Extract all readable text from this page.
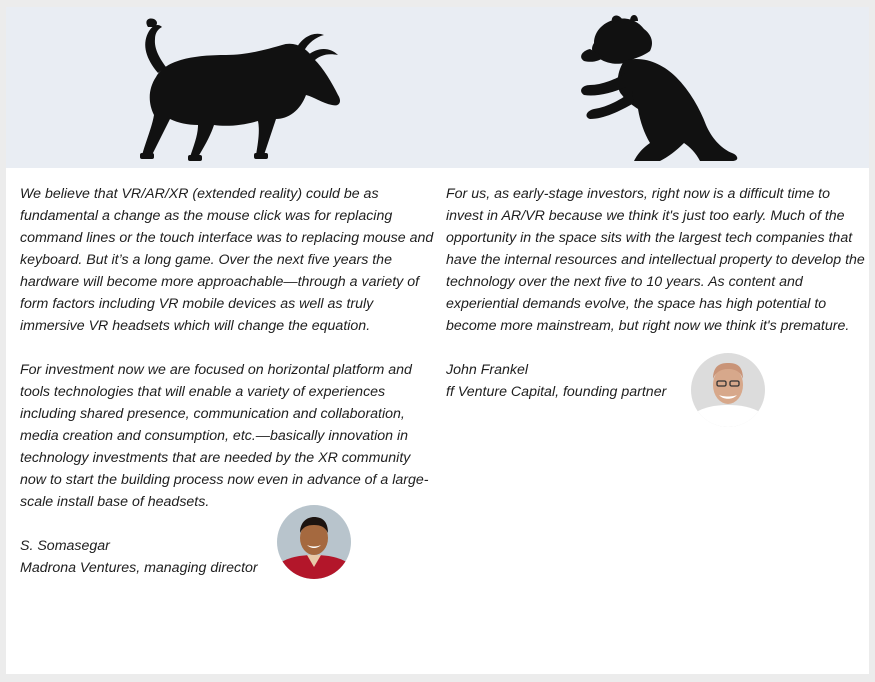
We believe that VR/AR/XR (extended reality) could be as fundamental a change as the mouse click was for replacing command lines or the touch interface was to replacing mouse and keyboard. But it’s a long game. Over the next five years the hardware will become more approachable—through a variety of form factors including VR mobile devices as well as truly immersive VR headsets which will change the equation.

For investment now we are focused on horizontal platform and tools technologies that will enable a variety of experiences including shared presence, communication and collaboration, media creation and consumption, etc.—basically innovation in technology investments that are needed by the XR community now to start the building process now even in advance of a large-scale install base of headsets.

S. Somasegar

Madrona Ventures, managing director

For us, as early-stage investors, right now is a difficult time to invest in AR/VR because we think it's just too early. Much of the opportunity in the space sits with the largest tech companies that have the internal resources and intellectual property to develop the technology over the next five to 10 years. As content and experiential demands evolve, the space has high potential to become more mainstream, but right now we think it's premature.

John Frankel

ff Venture Capital, founding partner
